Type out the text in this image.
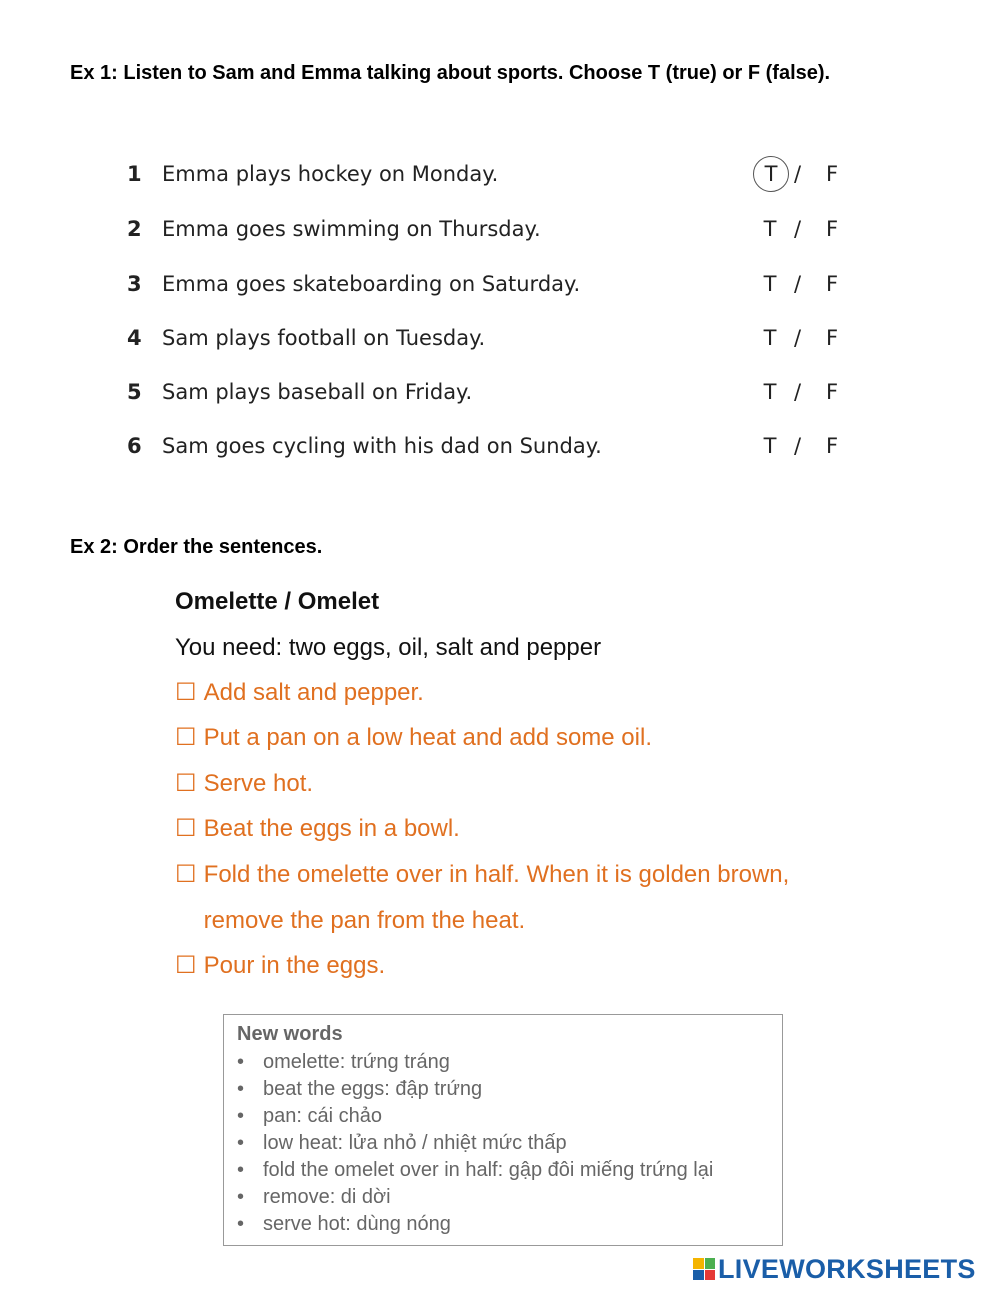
Ex 1: Listen to Sam and Emma talking about sports. Choose T (true) or F (false).
1 Emma plays hockey on Monday.	T /	F
2 Emma goes swimming on Thursday.	T /	F
3 Emma goes skateboarding on Saturday.	T /	F
4 Sam plays football on Tuesday.	T /	F
5 Sam plays baseball on Friday.	T /	F
6 Sam goes cycling with his dad on Sunday.	T /	F
Ex 2: Order the sentences.
Omelette / Omelet
You need: two eggs, oil, salt and pepper
☐ Add salt and pepper.
☐ Put a pan on a low heat and add some oil.
☐ Serve hot.
☐ Beat the eggs in a bowl.
☐ Fold the omelette over in half. When it is golden brown,
remove the pan from the heat.
☐ Pour in the eggs.
New words
• omelette: trứng tráng
• beat the eggs: đập trứng
• pan: cái chảo
• low heat: lửa nhỏ / nhiệt mức thấp
• fold the omelet over in half: gập đôi miếng trứng lại
• remove: di dời
• serve hot: dùng nóng
LIVEWORKSHEETS
